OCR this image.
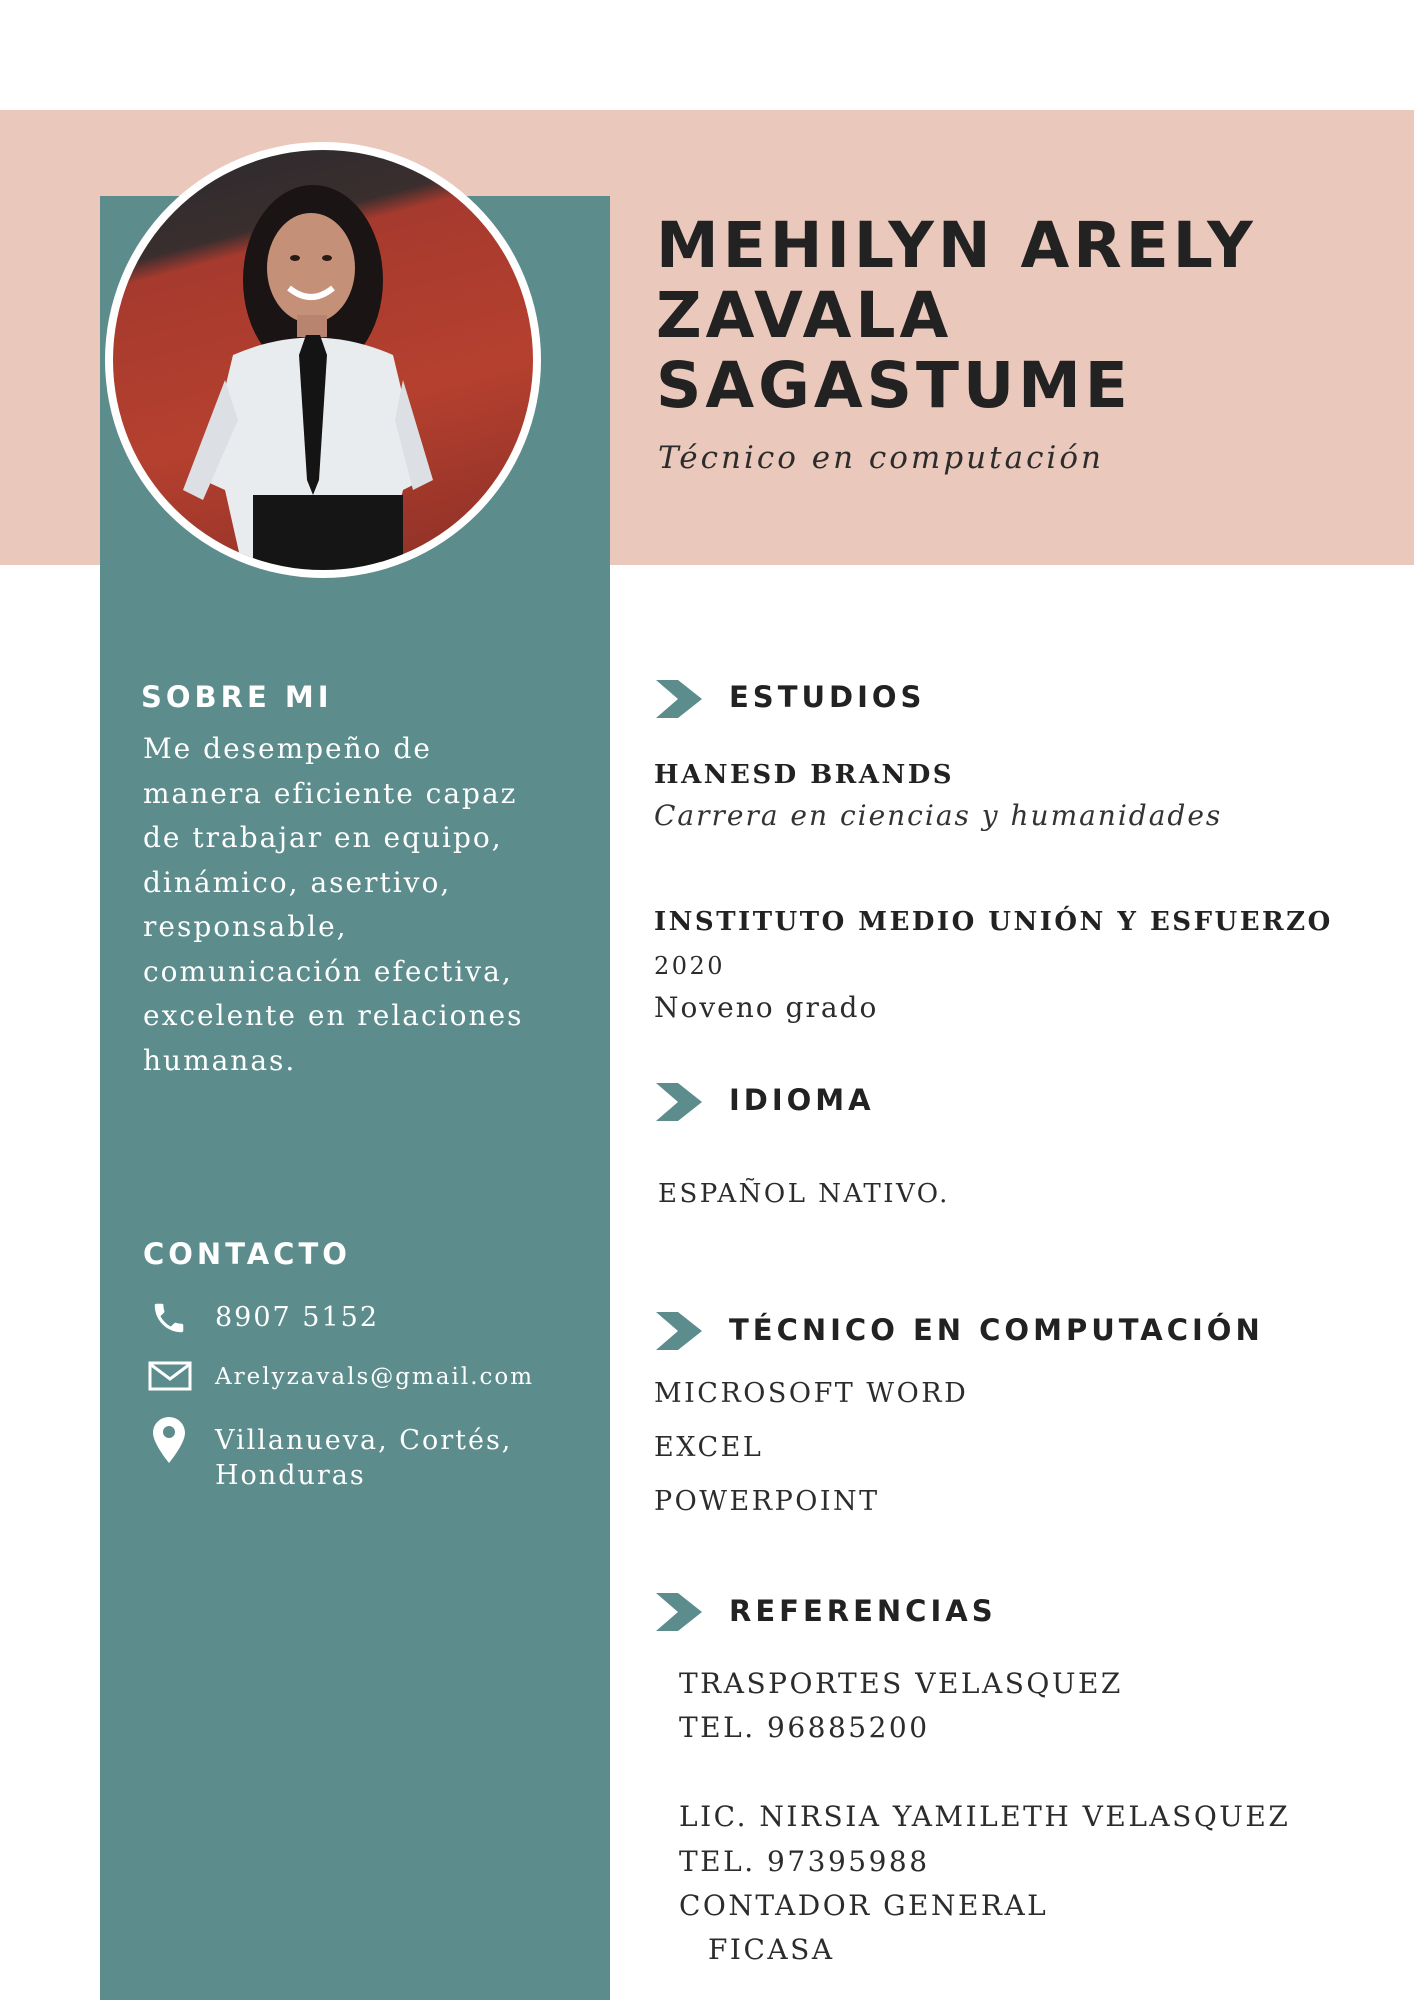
MEHILYN ARELY
ZAVALA
SAGASTUME
Técnico en computación
SOBRE MI
Me desempeño de
manera eficiente capaz
de trabajar en equipo,
dinámico, asertivo,
responsable,
comunicación efectiva,
excelente en relaciones
humanas.
CONTACTO
8907 5152
Arelyzavals@gmail.com
Villanueva, Cortés,
Honduras
ESTUDIOS
HANESD BRANDS
Carrera en ciencias y humanidades
INSTITUTO MEDIO UNIÓN Y ESFUERZO
2020
Noveno grado
IDIOMA
ESPAÑOL NATIVO.
TÉCNICO EN COMPUTACIÓN
MICROSOFT WORD
EXCEL
POWERPOINT
REFERENCIAS
TRASPORTES VELASQUEZ
TEL. 96885200
LIC. NIRSIA YAMILETH VELASQUEZ
TEL. 97395988
CONTADOR GENERAL
FICASA
